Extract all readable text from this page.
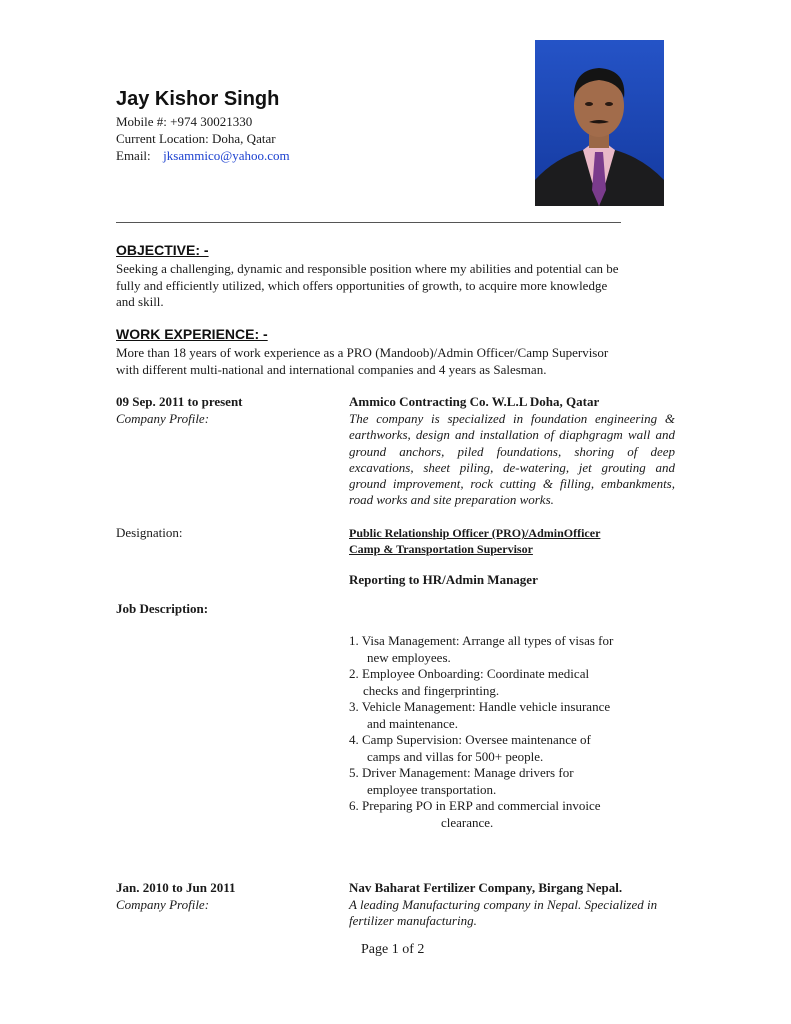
Jay Kishor Singh
Mobile #: +974 30021330
Current Location: Doha, Qatar
Email: jksammico@yahoo.com
OBJECTIVE: -
Seeking a challenging, dynamic and responsible position where my abilities and potential can be
fully and efficiently utilized, which offers opportunities of growth, to acquire more knowledge
and skill.
WORK EXPERIENCE: -
More than 18 years of work experience as a PRO (Mandoob)/Admin Officer/Camp Supervisor
with different multi-national and international companies and 4 years as Salesman.
09 Sep. 2011 to present	Ammico Contracting Co. W.L.L Doha, Qatar
Company Profile:	The company is specialized in foundation engineering & earthworks, design and installation of diaphgragm wall and ground anchors, piled foundations, shoring of deep excavations, sheet piling, de-watering, jet grouting and ground improvement, rock cutting & filling, embankments, road works and site preparation works.
Designation:	Public Relationship Officer (PRO)/AdminOfficer
Camp & Transportation Supervisor
Reporting to HR/Admin Manager
Job Description:
1. Visa Management: Arrange all types of visas for
new employees.
2. Employee Onboarding: Coordinate medical
checks and fingerprinting.
3. Vehicle Management: Handle vehicle insurance
and maintenance.
4. Camp Supervision: Oversee maintenance of
camps and villas for 500+ people.
5. Driver Management: Manage drivers for
employee transportation.
6. Preparing PO in ERP and commercial invoice
clearance.
Jan. 2010 to Jun 2011	Nav Baharat Fertilizer Company, Birgang Nepal.
Company Profile:	A leading Manufacturing company in Nepal. Specialized in fertilizer manufacturing.
Page 1 of 2
